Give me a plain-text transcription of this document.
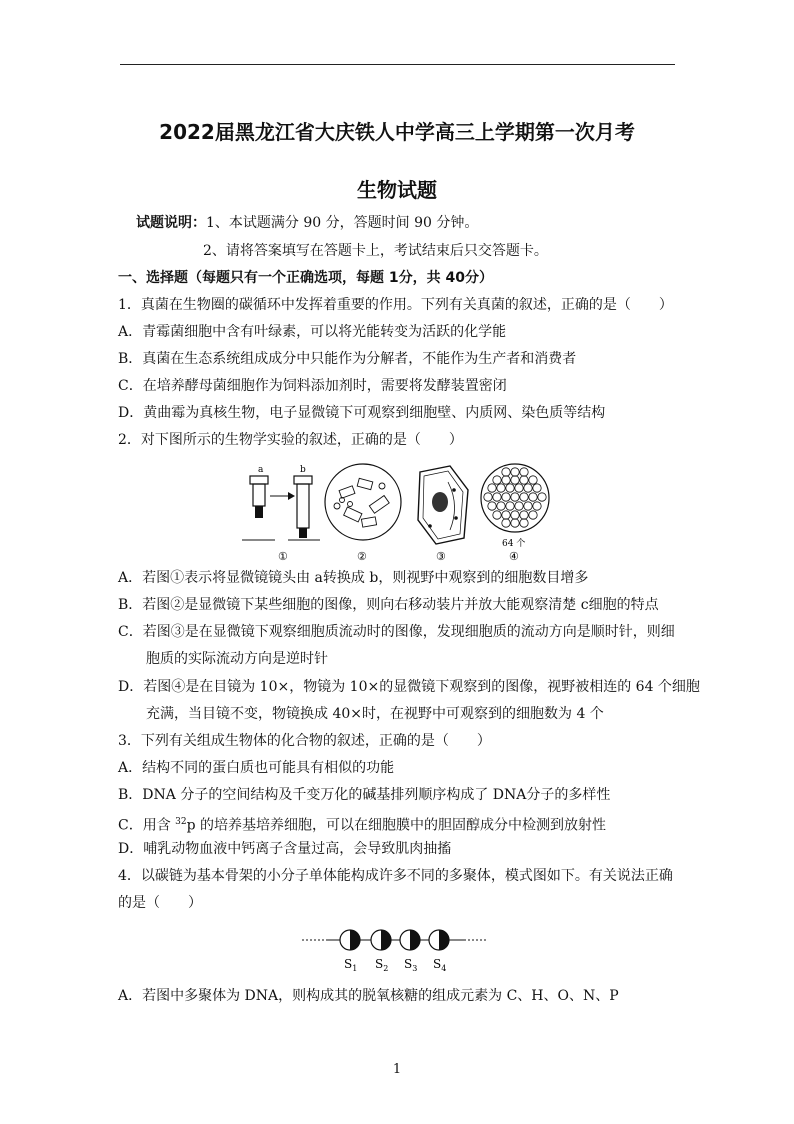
2022届黑龙江省大庆铁人中学高三上学期第一次月考
生物试题
试题说明：1、本试题满分 90 分，答题时间 90 分钟。
2、请将答案填写在答题卡上，考试结束后只交答题卡。
一、选择题（每题只有一个正确选项，每题 1分，共 40分）
1．真菌在生物圈的碳循环中发挥着重要的作用。下列有关真菌的叙述，正确的是（　　）
A．青霉菌细胞中含有叶绿素，可以将光能转变为活跃的化学能
B．真菌在生态系统组成成分中只能作为分解者，不能作为生产者和消费者
C．在培养酵母菌细胞作为饲料添加剂时，需要将发酵装置密闭
D．黄曲霉为真核生物，电子显微镜下可观察到细胞壁、内质网、染色质等结构
2．对下图所示的生物学实验的叙述，正确的是（　　）
a	b
①	②	③
64 个
④
A．若图①表示将显微镜镜头由 a转换成 b，则视野中观察到的细胞数目增多
B．若图②是显微镜下某些细胞的图像，则向右移动装片并放大能观察清楚 c细胞的特点
C．若图③是在显微镜下观察细胞质流动时的图像，发现细胞质的流动方向是顺时针，则细
胞质的实际流动方向是逆时针
D．若图④是在目镜为 10×，物镜为 10×的显微镜下观察到的图像，视野被相连的 64 个细胞
充满，当目镜不变，物镜换成 40×时，在视野中可观察到的细胞数为 4 个
3．下列有关组成生物体的化合物的叙述，正确的是（　　）
A．结构不同的蛋白质也可能具有相似的功能
B．DNA 分子的空间结构及千变万化的碱基排列顺序构成了 DNA分子的多样性
C．用含 $^{32}$p 的培养基培养细胞，可以在细胞膜中的胆固醇成分中检测到放射性
D．哺乳动物血液中钙离子含量过高，会导致肌肉抽搐
4．以碳链为基本骨架的小分子单体能构成许多不同的多聚体，模式图如下。有关说法正确
的是（　　）
$S_1$ $S_2$ $S_3$ $S_4$
A．若图中多聚体为 DNA，则构成其的脱氧核糖的组成元素为 C、H、O、N、P
1
